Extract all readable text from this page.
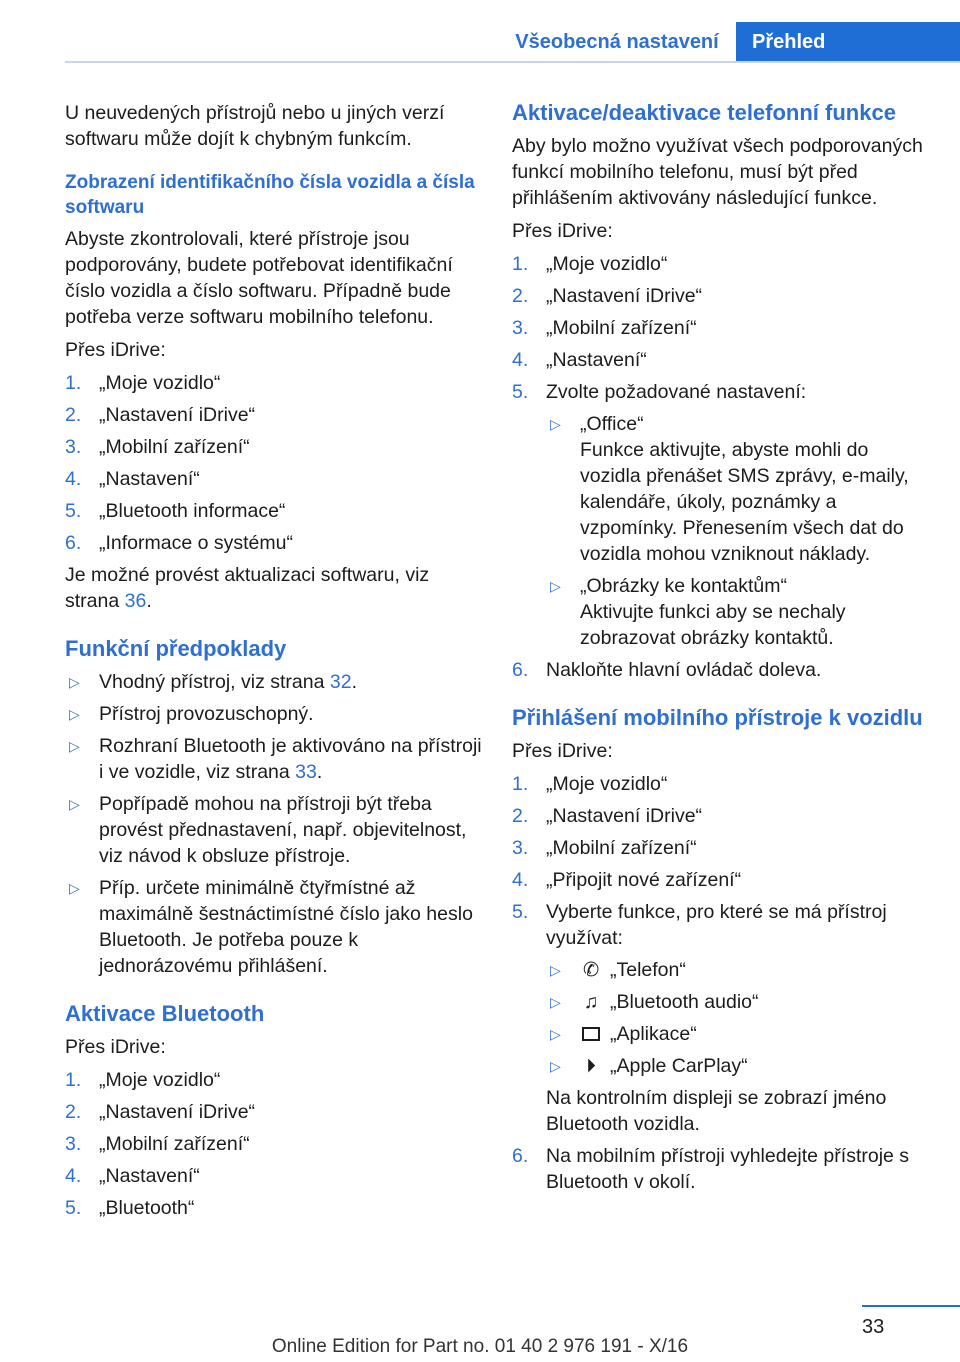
Všeobecná nastavení	Přehled

U neuvedených přístrojů nebo u jiných verzí softwaru může dojít k chybným funkcím.

Zobrazení identifikačního čísla vozidla a čísla softwaru

Abyste zkontrolovali, které přístroje jsou podporovány, budete potřebovat identifikační číslo vozidla a číslo softwaru. Případně bude potřeba verze softwaru mobilního telefonu.

Přes iDrive:

1. „Moje vozidlo“
2. „Nastavení iDrive“
3. „Mobilní zařízení“
4. „Nastavení“
5. „Bluetooth informace“
6. „Informace o systému“

Je možné provést aktualizaci softwaru, viz strana 36.

Funkční předpoklady
▷ Vhodný přístroj, viz strana 32.
▷ Přístroj provozuschopný.
▷ Rozhraní Bluetooth je aktivováno na přístroji i ve vozidle, viz strana 33.
▷ Popřípadě mohou na přístroji být třeba provést přednastavení, např. objevitelnost, viz návod k obsluze přístroje.
▷ Příp. určete minimálně čtyřmístné až maximálně šestnáctimístné číslo jako heslo Bluetooth. Je potřeba pouze k jednorázovému přihlášení.
Aktivace Bluetooth

Přes iDrive:

1. „Moje vozidlo“
2. „Nastavení iDrive“
3. „Mobilní zařízení“
4. „Nastavení“
5. „Bluetooth“
Aktivace/deaktivace telefonní funkce

Aby bylo možno využívat všech podporovaných funkcí mobilního telefonu, musí být před přihlášením aktivovány následující funkce.

Přes iDrive:

1. „Moje vozidlo“
2. „Nastavení iDrive“
3. „Mobilní zařízení“
4. „Nastavení“
5. Zvolte požadované nastavení:
▷ „Office“
Funkce aktivujte, abyste mohli do vozidla přenášet SMS zprávy, e-maily, kalendáře, úkoly, poznámky a vzpomínky. Přenesením všech dat do vozidla mohou vzniknout náklady.
▷ „Obrázky ke kontaktům“
Aktivujte funkci aby se nechaly zobrazovat obrázky kontaktů.
6. Nakloňte hlavní ovládač doleva.
Přihlášení mobilního přístroje k vozidlu

Přes iDrive:

1. „Moje vozidlo“
2. „Nastavení iDrive“
3. „Mobilní zařízení“
4. „Připojit nové zařízení“
5. Vyberte funkce, pro které se má přístroj využívat:
▷ ✆ „Telefon“
▷ ♫ „Bluetooth audio“
▷	„Aplikace“
▷ ⏵ „Apple CarPlay“
Na kontrolním displeji se zobrazí jméno Bluetooth vozidla.
6. Na mobilním přístroji vyhledejte přístroje s Bluetooth v okolí.
33
Online Edition for Part no. 01 40 2 976 191 - X/16
